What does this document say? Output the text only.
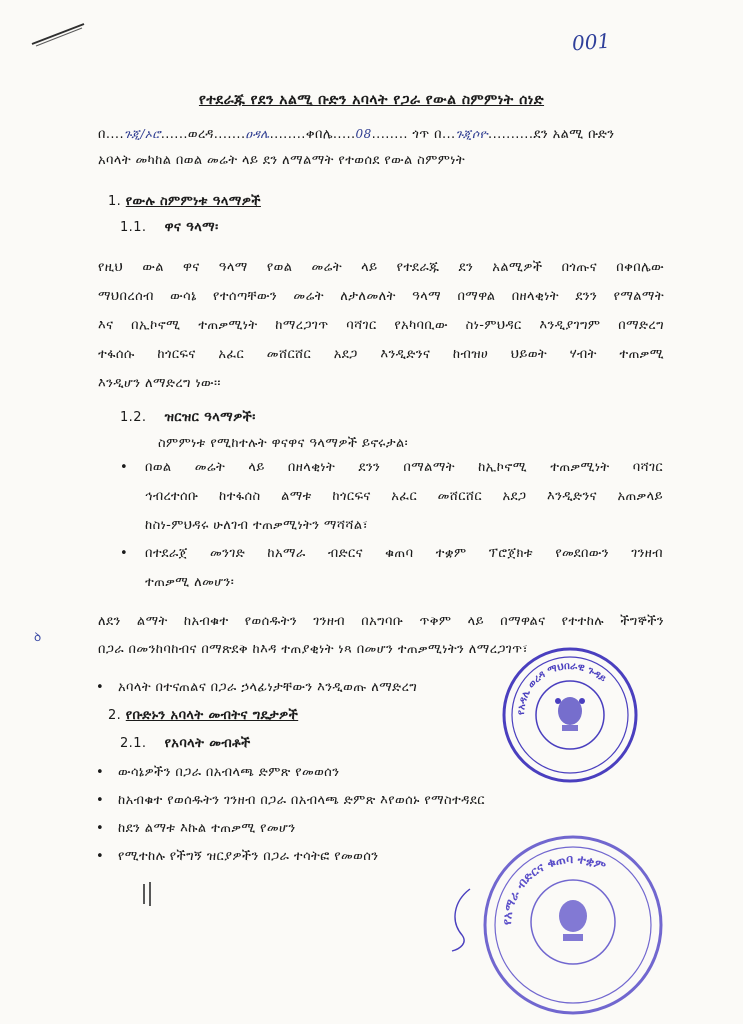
001
የተደራጁ የደን አልሚ ቡድን አባላት የጋራ የውል ስምምነት ሰነድ
በ....ጉጂ/ኦሮ......ወረዳ.......ዐዳሌ........ቀበሌ.....08........ ጎጥ በ...ጉጂሶዮ..........ደን አልሚ ቡድን
አባላት መካከል በወል መሬት ላይ ደን ለማልማት የተወሰደ የውል ስምምነት
1. የውሉ ስምምነቱ ዓላማዎች
1.1. ዋና ዓላማ፡
የዚህ ውል ዋና ዓላማ የወል መሬት ላይ የተደራጁ ደን አልሚዎች በጎጡና በቀበሌው
ማህበረሰብ ውሳኔ የተሰጣቸውን መሬት ለታለመለት ዓላማ በማዋል በዘላቂነት ደንን የማልማት
እና በኢኮኖሚ ተጠቃሚነት ከማረጋገጥ ባሻገር የአካባቢው ስነ-ምህዳር እንዲያገግም በማድረግ
ተፋሰሱ ከጎርፍና አፈር መሸርሸር አደጋ እንዲድንና ከብዝሀ ህይወት ሃብት ተጠቃሚ
እንዲሆን ለማድረግ ነው፡፡
1.2. ዝርዝር ዓላማዎች፡
ስምምነቱ የሚከተሉት ዋናዋና ዓላማዎች ይኖሩታል፡
• በወል መሬት ላይ በዘላቂነት ደንን በማልማት ከኢኮኖሚ ተጠቃሚነት ባሻገር
ኅብረተሰቡ ከተፋሰስ ልማቱ ከጎርፍና አፈር መሸርሸር አደጋ እንዲድንና አጠቃላይ
ከስነ-ምህዳሩ ሁለገብ ተጠቃሚነትን ማሻሻል፣
• በተደራጀ መንገድ ከአማራ ብድርና ቁጠባ ተቋም ፕሮጀክቱ የመደበውን ገንዘብ
ተጠቃሚ ለመሆን፡
ꝺ
ለደን ልማት ከአብቁተ የወሰዱትን ገንዘብ በአግባቡ ጥቅም ላይ በማዋልና የተተከሉ ችግኞችን
በጋራ በመንከባከብና በማጽደቅ ከእዳ ተጠያቂነት ነጻ በመሆን ተጠቃሚነትን ለማረጋገጥ፣
• አባላት በተናጠልና በጋራ ኃላፊነታቸውን እንዲወጡ ለማድረግ
2. የቡድኑን አባላት መብትና ግዴታዎች
2.1. የአባላት መብቶች
• ውሳኔዎችን በጋራ በአብላጫ ድምጽ የመወሰን
• ከአብቁተ የወሰዱትን ገንዘብ በጋራ በአብላጫ ድምጽ እየወሰኑ የማስተዳደር
• ከደን ልማቱ እኩል ተጠቃሚ የመሆን
• የሚተከሉ የችግኝ ዝርያዎችን በጋራ ተሳትፎ የመወሰን
የአዳሌ ወረዳ ማህበራዊ ጉዳይ
የአማራ ብድርና ቁጠባ ተቋም
